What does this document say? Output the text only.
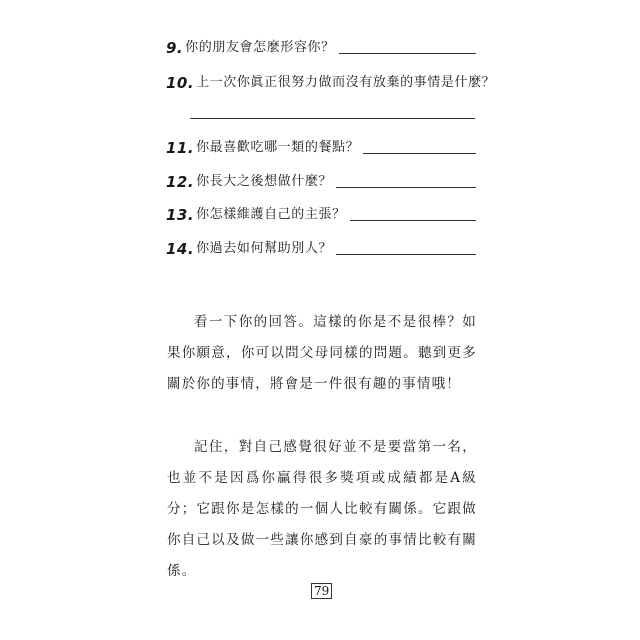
9. 你的朋友會怎麼形容你？
10. 上一次你眞正很努力做而沒有放棄的事情是什麼？
11. 你最喜歡吃哪一類的餐點？
12. 你長大之後想做什麼？
13. 你怎樣維護自己的主張？
14. 你過去如何幫助別人？

看一下你的回答。這樣的你是不是很棒？如果你願意，你可以問父母同樣的問題。聽到更多關於你的事情，將會是一件很有趣的事情哦！

記住，對自己感覺很好並不是要當第一名，也並不是因爲你贏得很多獎項或成績都是A級分；它跟你是怎樣的一個人比較有關係。它跟做你自己以及做一些讓你感到自豪的事情比較有關係。

79
